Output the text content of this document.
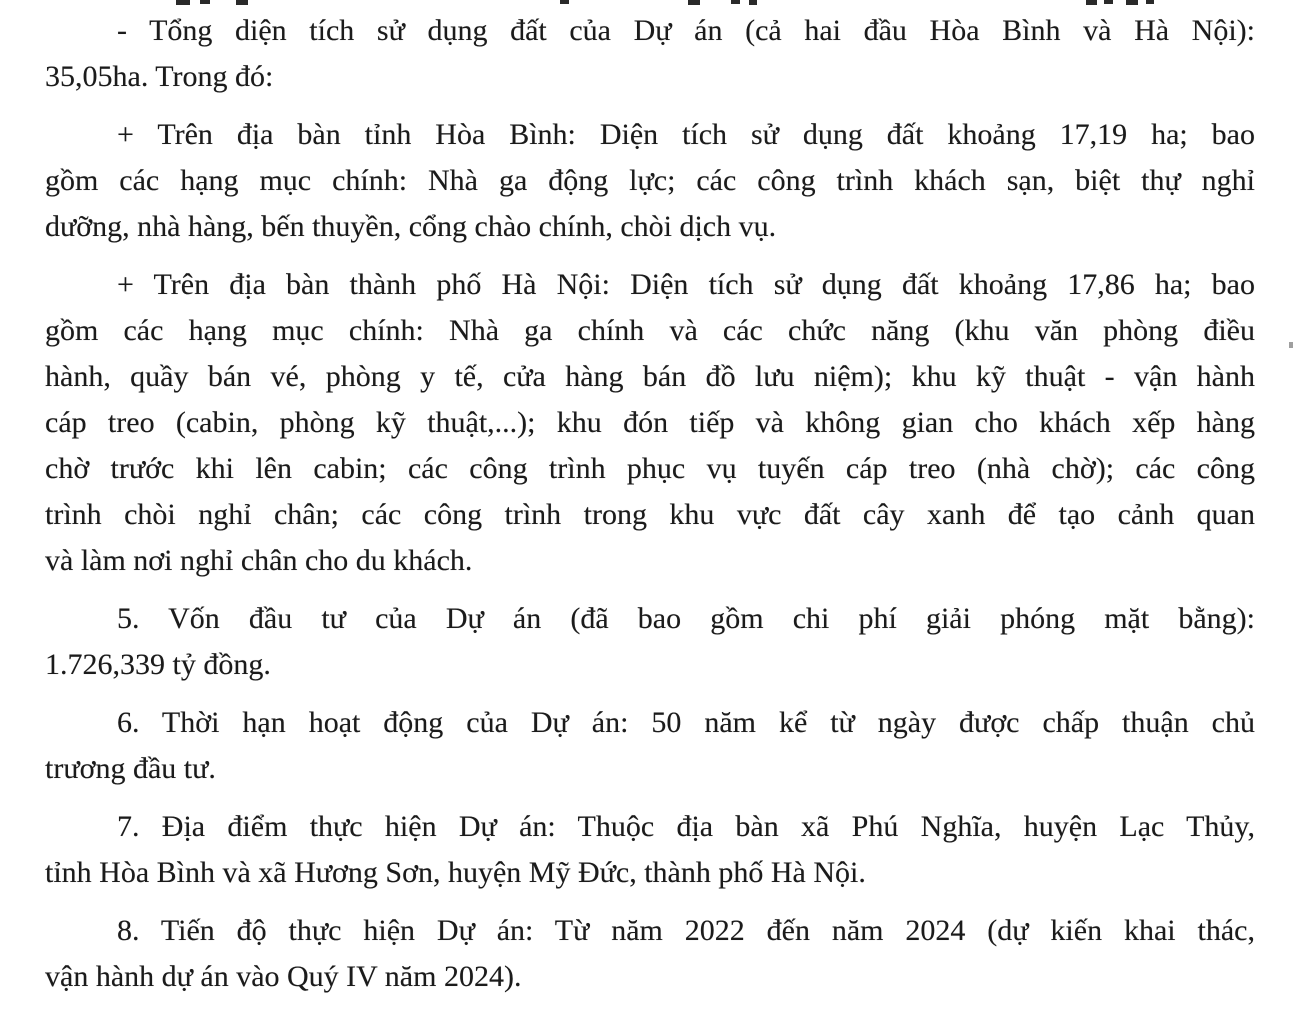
- Tổng diện tích sử dụng đất của Dự án (cả hai đầu Hòa Bình và Hà Nội):
35,05ha. Trong đó:
+ Trên địa bàn tỉnh Hòa Bình: Diện tích sử dụng đất khoảng 17,19 ha; bao
gồm các hạng mục chính: Nhà ga động lực; các công trình khách sạn, biệt thự nghỉ
dưỡng, nhà hàng, bến thuyền, cổng chào chính, chòi dịch vụ.
+ Trên địa bàn thành phố Hà Nội: Diện tích sử dụng đất khoảng 17,86 ha; bao
gồm các hạng mục chính: Nhà ga chính và các chức năng (khu văn phòng điều
hành, quầy bán vé, phòng y tế, cửa hàng bán đồ lưu niệm); khu kỹ thuật - vận hành
cáp treo (cabin, phòng kỹ thuật,...); khu đón tiếp và không gian cho khách xếp hàng
chờ trước khi lên cabin; các công trình phục vụ tuyến cáp treo (nhà chờ); các công
trình chòi nghỉ chân; các công trình trong khu vực đất cây xanh để tạo cảnh quan
và làm nơi nghỉ chân cho du khách.
5. Vốn đầu tư của Dự án (đã bao gồm chi phí giải phóng mặt bằng):
1.726,339 tỷ đồng.
6. Thời hạn hoạt động của Dự án: 50 năm kể từ ngày được chấp thuận chủ
trương đầu tư.
7. Địa điểm thực hiện Dự án: Thuộc địa bàn xã Phú Nghĩa, huyện Lạc Thủy,
tỉnh Hòa Bình và xã Hương Sơn, huyện Mỹ Đức, thành phố Hà Nội.
8. Tiến độ thực hiện Dự án: Từ năm 2022 đến năm 2024 (dự kiến khai thác,
vận hành dự án vào Quý IV năm 2024).
